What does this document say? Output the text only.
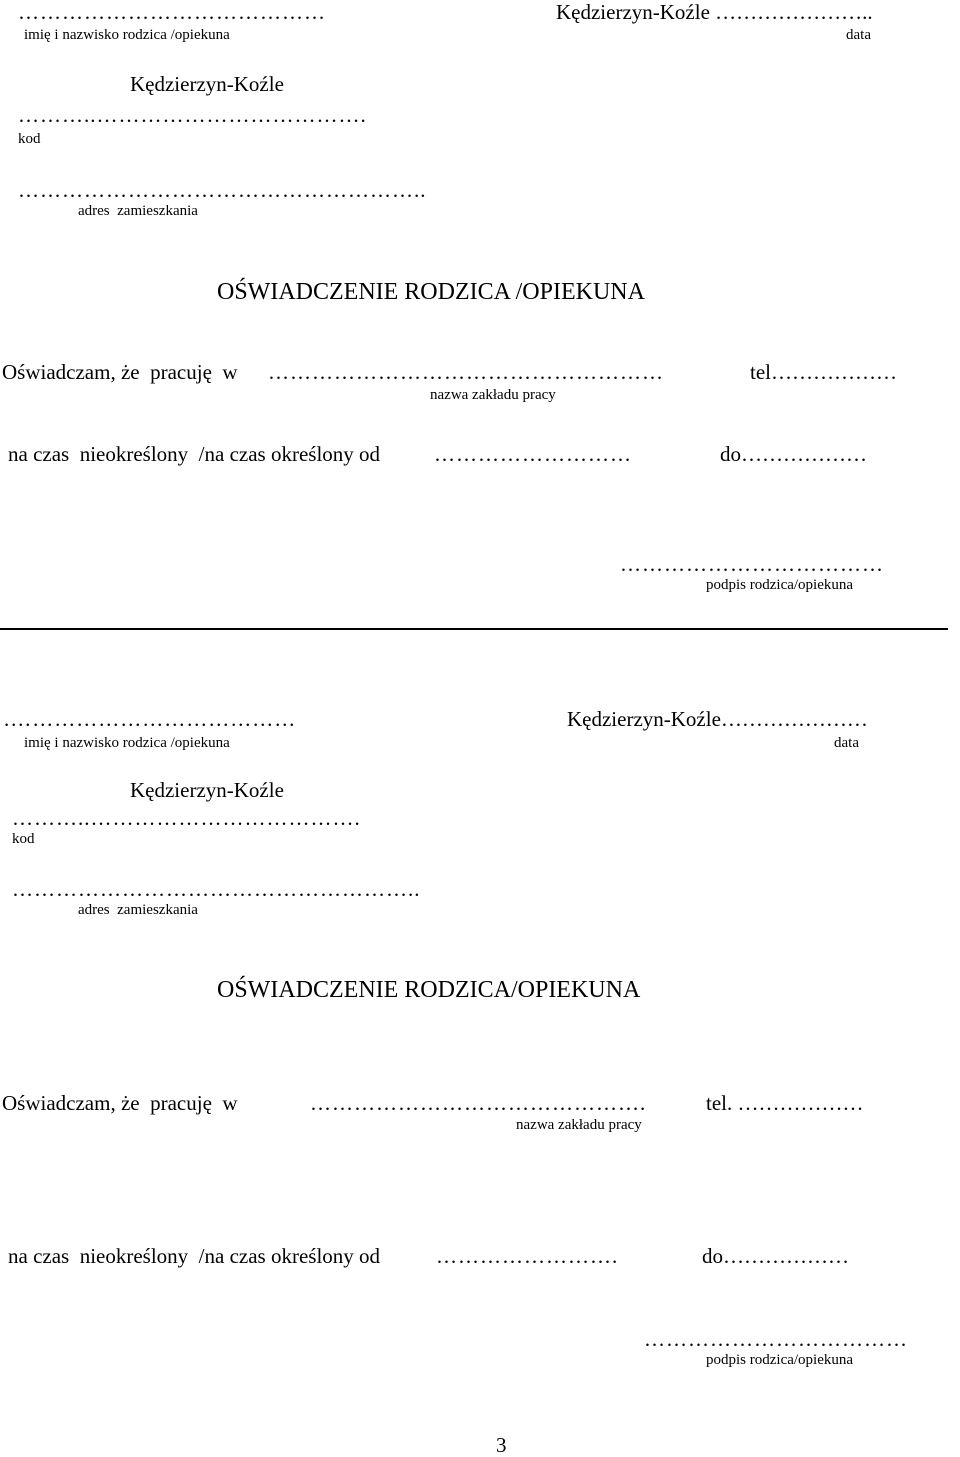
……………………………………
imię i nazwisko rodzica /opiekuna
Kędzierzyn-Koźle …………………..
data
Kędzierzyn-Koźle
………..……………………………….
kod
………………………………………………..
adres  zamieszkania
OŚWIADCZENIE RODZICA /OPIEKUNA
Oświadczam, że  pracuję  w ………………………………………………	tel………………
nazwa zakładu pracy
na czas  nieokreślony  /na czas określony od	………………………	do………………
………………………………
podpis rodzica/opiekuna
.…………………………………
imię i nazwisko rodzica /opiekuna
Kędzierzyn-Koźle…………………
data
Kędzierzyn-Koźle
………..……………………………….
kod
………………………………………………..
adres  zamieszkania
OŚWIADCZENIE RODZICA/OPIEKUNA
Oświadczam, że  pracuję  w	……………………………………….	tel. ………………
nazwa zakładu pracy
na czas  nieokreślony  /na czas określony od	…………………….	do………………
………………………………
podpis rodzica/opiekuna
3
